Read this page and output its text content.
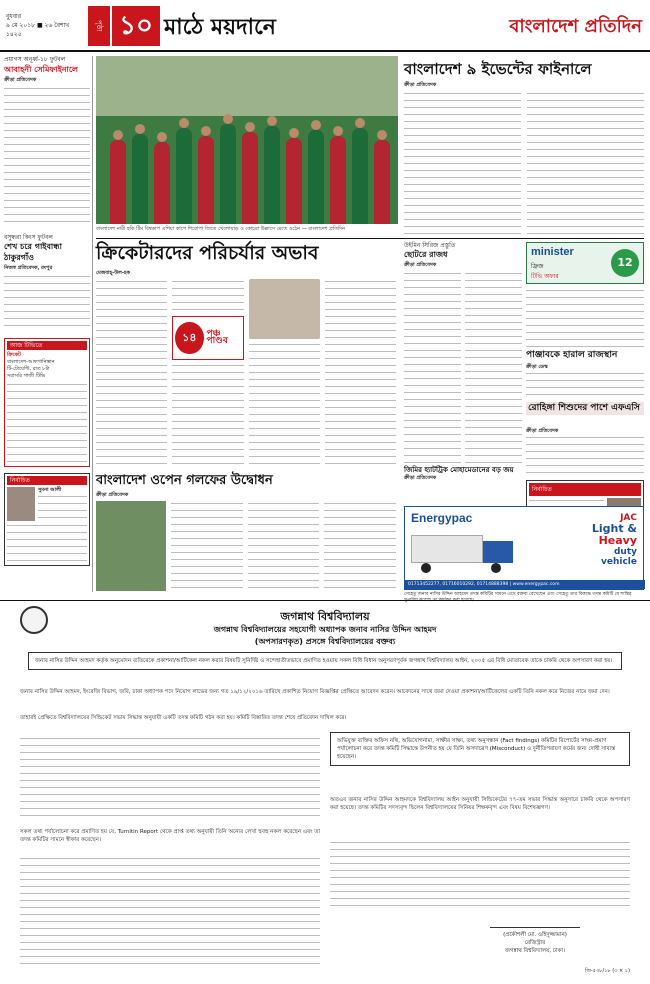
বুধবার
৯ মে ২০১৮ ■ ২৬ বৈশাখ ১৪২৫
পৃষ্ঠা ১০ মাঠে ময়দানে	বাংলাদেশ প্রতিদিন
প্রয়াগস অনূর্ধ্ব-১৮ ফুটবল
আবাহনী সেমিফাইনালে
ক্রীড়া প্রতিবেদক
বসুন্ধরা কিংস ফুটবল
শেখ চরে গাইবান্ধা ঠাকুরগাঁও
নিজস্ব প্রতিবেদক, রংপুর
আজ টিভিতে
ক্রিকেট
বাংলাদেশ-আফগানিস্তান
টি-টোয়েন্টি, রাত ৮টা
সরাসরি গাজী টিভি
নির্বাচিত
সুমনা আলী
বাংলাদেশ নারী হকি টিম বিশ্বকাপ এশিয়া কাপে শিরোপা জিতে খেলোয়াড় ও কোচরা উল্লাসে মেতে ওঠেন — বাংলাদেশ প্রতিদিন
বাংলাদেশ ৯ ইভেন্টের ফাইনালে
ক্রীড়া প্রতিবেদক
ক্রিকেটারদের পরিচর্যার অভাব
মেজবাহ্-উল-হক
১৪	পঞ্চ পাণ্ডব
উইমিন সিরিজ প্রস্তুতি
ছোটরে রাজধ
ক্রীড়া প্রতিবেদক
minister
ফ্রিজ
টিভি অফার
12
পাঞ্জাবকে হারাল রাজস্থান
ক্রীড়া ডেস্ক
রোহিঙ্গা শিশুদের পাশে এফএসি
ক্রীড়া প্রতিবেদক
নির্বাচিত
বাংলাদেশ ওপেন গলফের উদ্বোধন
ক্রীড়া প্রতিবেদক
জিমির হ্যাটট্রিক মোহামেডানের বড় জয়
ক্রীড়া প্রতিবেদক
Energypac	JAC
Light &
Heavy
duty
vehicle
01713452277, 01716010292, 01714888398 | www.energypac.com
সেহেতু জনাব নাসির উদ্দিন আহমেদ তদন্ত কমিটির সামনে এসে বক্তব্য রেখেছেন এবং সেহেতু তার বিরুদ্ধে তদন্ত কমিটি যে শাস্তির
জগন্নাথ বিশ্ববিদ্যালয়
জগন্নাথ বিশ্ববিদ্যালয়ের সহযোগী অধ্যাপক জনাব নাসির উদ্দিন আহমদ
(অপসারণকৃত) প্রসঙ্গে বিশ্ববিদ্যালয়ের বক্তব্য
জনাব নাসির উদ্দিন আহমদ কর্তৃক অনুমোদন ব্যতিরেকে প্রকাশনা/আর্টিকেল নকল করার বিষয়টি সুনির্দিষ্ট ও সন্দেহাতীতভাবে প্রমাণিত হওয়ায় সকল বিধি বিধান অনুসরণপূর্বক জগন্নাথ বিশ্ববিদ্যালয় আইন, ২০০৫ এর বিধি মোতাবেক তাকে চাকরি থেকে অপসারণ করা হয়।
জনাব নাসির উদ্দিন আহমদ, ইংরেজি বিভাগ, জবি, ঢাকা অধ্যাপক পদে নিয়োগ লাভের জন্য গত ১৯/১২/২০১৬ তারিখে প্রকাশিত নিয়োগ বিজ্ঞপ্তির প্রেক্ষিতে আবেদন করেন। আবেদনের সাথে জমা দেওয়া প্রকাশনা/আর্টিকেলের একটি তিনি নকল করে নিজের নামে জমা দেন।
তাহারই প্রেক্ষিতে বিশ্ববিদ্যালয়ের সিন্ডিকেট সভায় সিদ্ধান্ত অনুযায়ী একটি তদন্ত কমিটি গঠন করা হয়। কমিটি বিস্তারিত তদন্ত শেষে প্রতিবেদন দাখিল করে।
অভিযুক্ত ব্যক্তির অফিস নথি, অভিযোগনামা, সাক্ষীর সাক্ষ্য, তথ্য অনুসন্ধান (Fact findings) কমিটির রিপোর্টের সাক্ষ্য-প্রমাণ পর্যালোচনা করে তদন্ত কমিটি সিদ্ধান্তে উপনীত হয় যে তিনি অসদাচরণ (Misconduct) ও দুর্নীতিপরায়ণ কর্মের জন্য দোষী সাব্যস্ত হয়েছেন।
সকল তথ্য পর্যালোচনা করে প্রমাণিত হয় যে, Turnitin Report থেকে প্রাপ্ত তথ্য অনুযায়ী তিনি অন্যের লেখা হুবহু নকল করেছেন এবং তা তদন্ত কমিটির সামনে স্বীকার করেছেন।
অতএব জনাব নাসির উদ্দিন আহমদকে বিশ্ববিদ্যালয় আইন অনুযায়ী সিন্ডিকেটের ৭৭-তম সভার সিদ্ধান্ত অনুসারে চাকরি থেকে অপসারণ করা হয়েছে। তদন্ত কমিটির সদস্যবৃন্দ ছিলেন বিশ্ববিদ্যালয়ের সিনিয়র শিক্ষকবৃন্দ এবং বিষয় বিশেষজ্ঞগণ।
(প্রকৌশলী মো. ওহিদুজ্জামান)
রেজিস্ট্রার
জগন্নাথ বিশ্ববিদ্যালয়, ঢাকা।
জি-৫৩৮/১৮ (৩ × ১)
